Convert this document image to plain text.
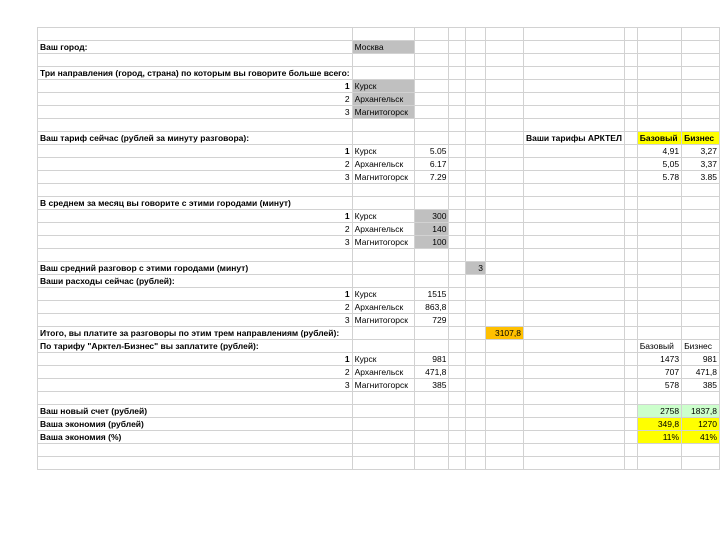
Ваш город:	Москва								

Три направления (город, страна) по которым вы говорите больше всего:									
1	Курск								
2	Архангельск								
3	Магнитогорск								

Ваш тариф сейчас (рублей за минуту разговора):						Ваши тарифы АРКТЕЛ		Базовый	Бизнес
1	Курск	5.05						4,91	3,27
2	Архангельск	6.17						5,05	3,37
3	Магнитогорск	7.29						5.78	3.85

В среднем за месяц вы говорите с этими городами (минут)									
1	Курск	300							
2	Архангельск	140							
3	Магнитогорск	100							

Ваш средний разговор с этими городами (минут)				3					
Ваши расходы сейчас (рублей):									
1	Курск	1515							
2	Архангельск	863,8							
3	Магнитогорск	729							
Итого, вы платите за разговоры по этим трем направлениям (рублей):					3107,8				
По тарифу "Арктел-Бизнес" вы заплатите (рублей):								Базовый	Бизнес
1	Курск	981						1473	981
2	Архангельск	471,8						707	471,8
3	Магнитогорск	385						578	385

Ваш новый счет (рублей)								2758	1837,8
Ваша экономия (рублей)								349,8	1270
Ваша экономия (%)								11%	41%
